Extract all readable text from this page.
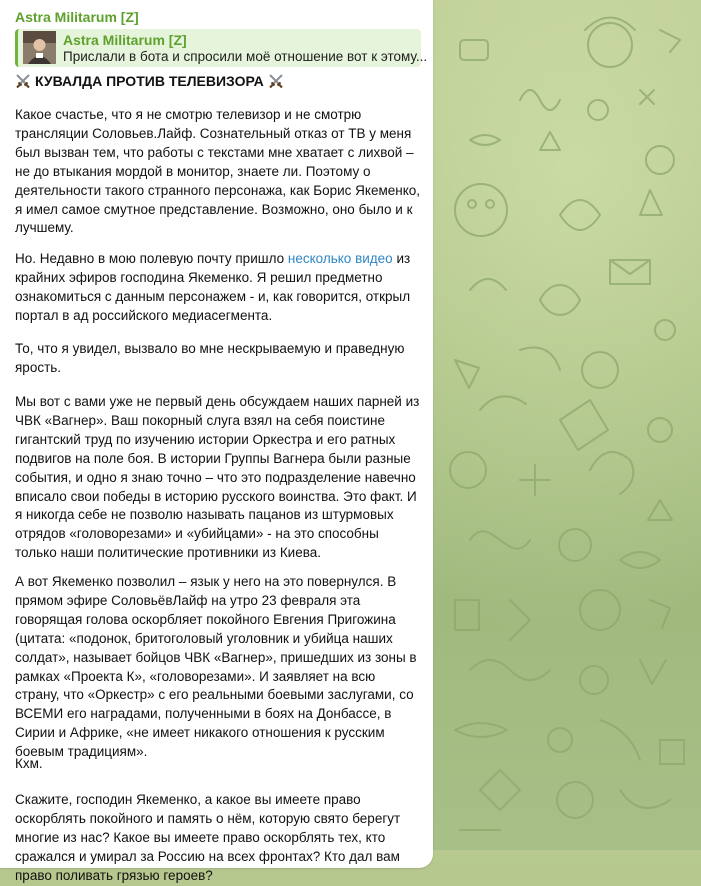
Astra Militarum [Z]
Astra Militarum [Z]
Прислали в бота и спросили моё отношение вот к этому...
КУВАЛДА ПРОТИВ ТЕЛЕВИЗОРА
Какое счастье, что я не смотрю телевизор и не смотрю трансляции Соловьев.Лайф. Сознательный отказ от ТВ у меня был вызван тем, что работы с текстами мне хватает с лихвой – не до втыкания мордой в монитор, знаете ли. Поэтому о деятельности такого странного персонажа, как Борис Якеменко, я имел самое смутное представление. Возможно, оно было и к лучшему.
Но. Недавно в мою полевую почту пришло несколько видео из крайних эфиров господина Якеменко. Я решил предметно ознакомиться с данным персонажем - и, как говорится, открыл портал в ад российского медиасегмента.
То, что я увидел, вызвало во мне нескрываемую и праведную ярость.
Мы вот с вами уже не первый день обсуждаем наших парней из ЧВК «Вагнер». Ваш покорный слуга взял на себя поистине гигантский труд по изучению истории Оркестра и его ратных подвигов на поле боя. В истории Группы Вагнера были разные события, и одно я знаю точно – что это подразделение навечно вписало свои победы в историю русского воинства. Это факт. И я никогда себе не позволю называть пацанов из штурмовых отрядов «головорезами» и «убийцами» - на это способны только наши политические противники из Киева.
А вот Якеменко позволил – язык у него на это повернулся. В прямом эфире СоловьёвЛайф на утро 23 февраля эта говорящая голова оскорбляет покойного Евгения Пригожина (цитата: «подонок, бритоголовый уголовник и убийца наших солдат», называет бойцов ЧВК «Вагнер», пришедших из зоны в рамках «Проекта К», «головорезами». И заявляет на всю страну, что «Оркестр» с его реальными боевыми заслугами, со ВСЕМИ его наградами, полученными в боях на Донбассе, в Сирии и Африке, «не имеет никакого отношения к русским боевым традициям».
Кхм.
Скажите, господин Якеменко, а какое вы имеете право оскорблять покойного и память о нём, которую свято берегут многие из нас? Какое вы имеете право оскорблять тех, кто сражался и умирал за Россию на всех фронтах? Кто дал вам право поливать грязью героев?
